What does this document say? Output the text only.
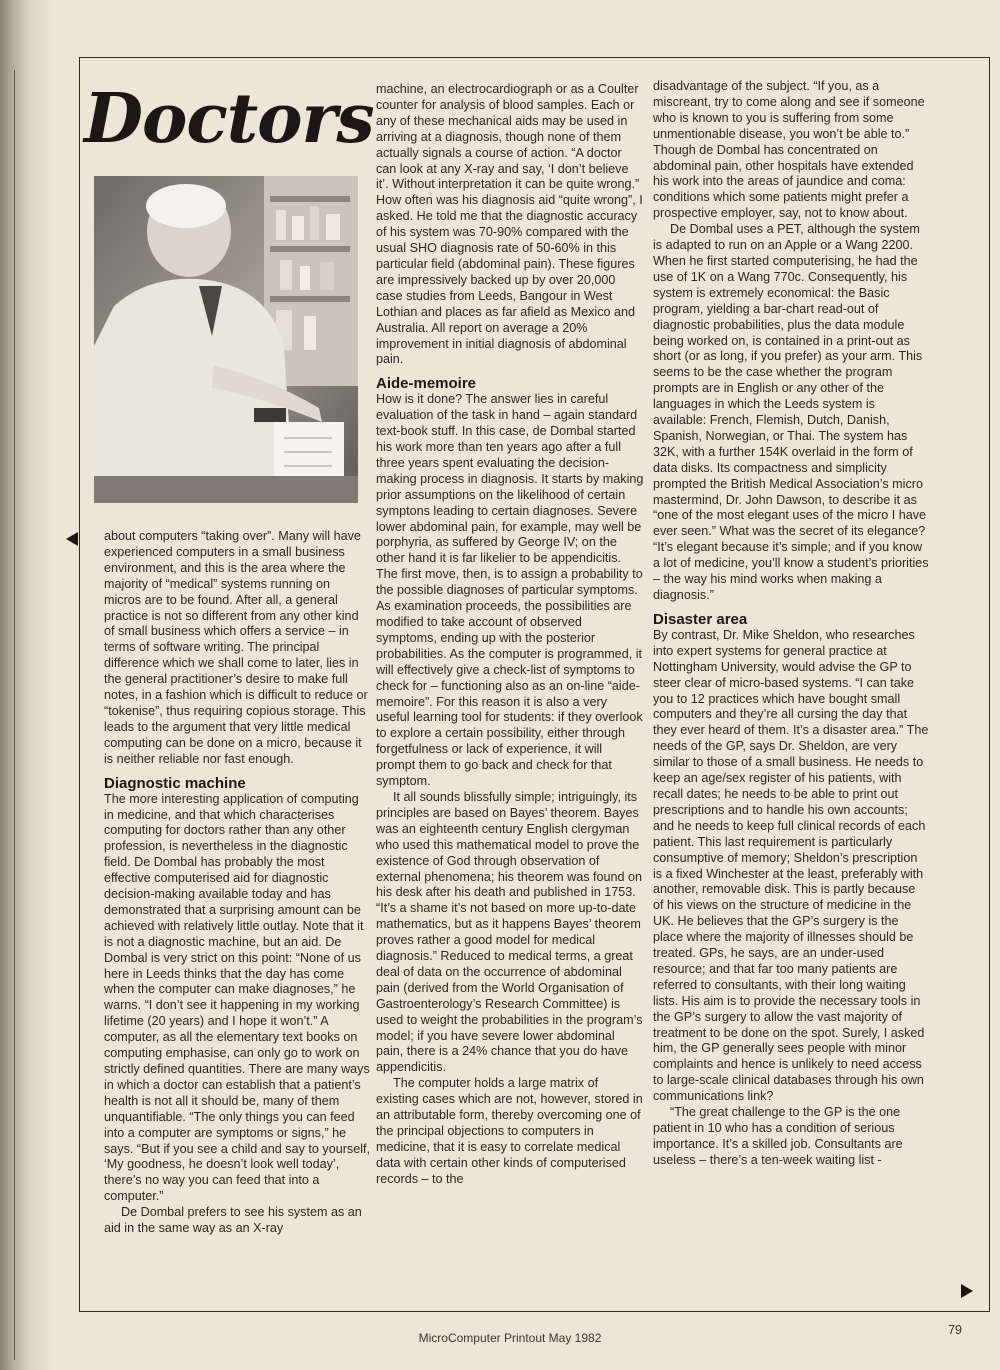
Doctors

about computers “taking over”. Many will have experienced computers in a small business environment, and this is the area where the majority of “medical” systems running on micros are to be found. After all, a general practice is not so different from any other kind of small business which offers a service – in terms of software writing. The principal difference which we shall come to later, lies in the general practitioner’s desire to make full notes, in a fashion which is difficult to reduce or “tokenise”, thus requiring copious storage. This leads to the argument that very little medical computing can be done on a micro, because it is neither reliable nor fast enough.

Diagnostic machine

The more interesting application of computing in medicine, and that which characterises computing for doctors rather than any other profession, is nevertheless in the diagnostic field. De Dombal has probably the most effective computerised aid for diagnostic decision-making available today and has demonstrated that a surprising amount can be achieved with relatively little outlay. Note that it is not a diagnostic machine, but an aid. De Dombal is very strict on this point: “None of us here in Leeds thinks that the day has come when the computer can make diagnoses,” he warns. “I don’t see it happening in my working lifetime (20 years) and I hope it won’t.” A computer, as all the elementary text books on computing emphasise, can only go to work on strictly defined quantities. There are many ways in which a doctor can establish that a patient’s health is not all it should be, many of them unquantifiable. “The only things you can feed into a computer are symptoms or signs,” he says. “But if you see a child and say to yourself, ‘My goodness, he doesn’t look well today’, there’s no way you can feed that into a computer.”

De Dombal prefers to see his system as an aid in the same way as an X-ray

machine, an electrocardiograph or as a Coulter counter for analysis of blood samples. Each or any of these mechanical aids may be used in arriving at a diagnosis, though none of them actually signals a course of action. “A doctor can look at any X-ray and say, ‘I don’t believe it’. Without interpretation it can be quite wrong.” How often was his diagnosis aid “quite wrong”, I asked. He told me that the diagnostic accuracy of his system was 70-90% compared with the usual SHO diagnosis rate of 50-60% in this particular field (abdominal pain). These figures are impressively backed up by over 20,000 case studies from Leeds, Bangour in West Lothian and places as far afield as Mexico and Australia. All report on average a 20% improvement in initial diagnosis of abdominal pain.

Aide-memoire

How is it done? The answer lies in careful evaluation of the task in hand – again standard text-book stuff. In this case, de Dombal started his work more than ten years ago after a full three years spent evaluating the decision-making process in diagnosis. It starts by making prior assumptions on the likelihood of certain symptons leading to certain diagnoses. Severe lower abdominal pain, for example, may well be porphyria, as suffered by George IV; on the other hand it is far likelier to be appendicitis. The first move, then, is to assign a probability to the possible diagnoses of particular symptoms. As examination proceeds, the possibilities are modified to take account of observed symptoms, ending up with the posterior probabilities. As the computer is programmed, it will effectively give a check-list of symptoms to check for – functioning also as an on-line “aide-memoire”. For this reason it is also a very useful learning tool for students: if they overlook to explore a certain possibility, either through forgetfulness or lack of experience, it will prompt them to go back and check for that symptom.

It all sounds blissfully simple; intriguingly, its principles are based on Bayes’ theorem. Bayes was an eighteenth century English clergyman who used this mathematical model to prove the existence of God through observation of external phenomena; his theorem was found on his desk after his death and published in 1753. “It’s a shame it’s not based on more up-to-date mathematics, but as it happens Bayes’ theorem proves rather a good model for medical diagnosis.” Reduced to medical terms, a great deal of data on the occurrence of abdominal pain (derived from the World Organisation of Gastroenterology’s Research Committee) is used to weight the probabilities in the program’s model; if you have severe lower abdominal pain, there is a 24% chance that you do have appendicitis.

The computer holds a large matrix of existing cases which are not, however, stored in an attributable form, thereby overcoming one of the principal objections to computers in medicine, that it is easy to correlate medical data with certain other kinds of computerised records – to the

disadvantage of the subject. “If you, as a miscreant, try to come along and see if someone who is known to you is suffering from some unmentionable disease, you won’t be able to.” Though de Dombal has concentrated on abdominal pain, other hospitals have extended his work into the areas of jaundice and coma: conditions which some patients might prefer a prospective employer, say, not to know about.

De Dombal uses a PET, although the system is adapted to run on an Apple or a Wang 2200. When he first started computerising, he had the use of 1K on a Wang 770c. Consequently, his system is extremely economical: the Basic program, yielding a bar-chart read-out of diagnostic probabilities, plus the data module being worked on, is contained in a print-out as short (or as long, if you prefer) as your arm. This seems to be the case whether the program prompts are in English or any other of the languages in which the Leeds system is available: French, Flemish, Dutch, Danish, Spanish, Norwegian, or Thai. The system has 32K, with a further 154K overlaid in the form of data disks. Its compactness and simplicity prompted the British Medical Association’s micro mastermind, Dr. John Dawson, to describe it as “one of the most elegant uses of the micro I have ever seen.” What was the secret of its elegance? “It’s elegant because it’s simple; and if you know a lot of medicine, you’ll know a student’s priorities – the way his mind works when making a diagnosis.”

Disaster area

By contrast, Dr. Mike Sheldon, who researches into expert systems for general practice at Nottingham University, would advise the GP to steer clear of micro-based systems. “I can take you to 12 practices which have bought small computers and they’re all cursing the day that they ever heard of them. It’s a disaster area.” The needs of the GP, says Dr. Sheldon, are very similar to those of a small business. He needs to keep an age/sex register of his patients, with recall dates; he needs to be able to print out prescriptions and to handle his own accounts; and he needs to keep full clinical records of each patient. This last requirement is particularly consumptive of memory; Sheldon’s prescription is a fixed Winchester at the least, preferably with another, removable disk. This is partly because of his views on the structure of medicine in the UK. He believes that the GP’s surgery is the place where the majority of illnesses should be treated. GPs, he says, are an under-used resource; and that far too many patients are referred to consultants, with their long waiting lists. His aim is to provide the necessary tools in the GP’s surgery to allow the vast majority of treatment to be done on the spot. Surely, I asked him, the GP generally sees people with minor complaints and hence is unlikely to need access to large-scale clinical databases through his own communications link?

“The great challenge to the GP is the one patient in 10 who has a condition of serious importance. It’s a skilled job. Consultants are useless – there’s a ten-week waiting list -

MicroComputer Printout May 1982
79
